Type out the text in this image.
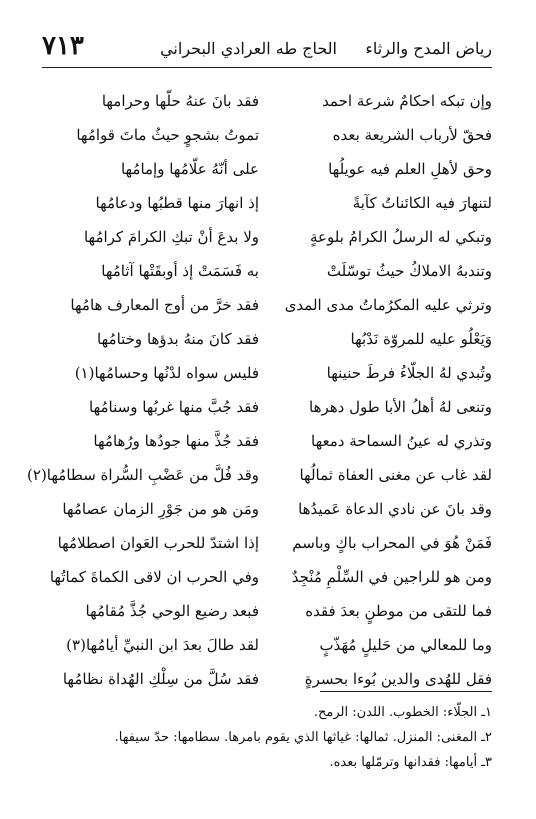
رياض المدح والرثاء
الحاج طه العرادي البحراني
٧١٣
وإن تبكه احكامٌ شرعة احمد
فقد بانَ عنهُ حلّها وحرامها
فحقّ لأرباب الشريعة بعده
تموتُ بشجوٍ حيثُ ماتَ قوامُها
وحق لأهلِ العلم فيه عويلُها
على أنّهُ علّامُها وإمامُها
لتنهارَ فيه الكائناتُ كآبةً
إذ انهارَ منها قطبُها ودعامُها
وتبكي له الرسلُ الكرامُ بلوعةٍ
ولا بدعَ أنْ تبكِ الكرامَ كرامُها
وتندبهُ الاملاكُ حيثُ توسّلَتْ
به فَسَمَتْ إذ أوبقَتْها آثامُها
وترثي عليه المكرُماتُ مدى المدى
فقد خرَّ من أوج المعارف هامُها
وَيَعْلُو عليه للمروّة نَدْبُها
فقد كانَ منهُ بدؤها وختامُها
وتُبدي لهُ الجلّاءُ فرطَ حنينها
فليس سواه لدْنُها وحسامُها(١)
وتنعى لهُ أهلُ الأبا طول دهرها
فقد جُبَّ منها غربُها وسنامُها
وتذري له عينُ السماحة دمعها
فقد جُذَّ منها جودُها ورُهامُها
لقد غاب عن مغنى العفاة ثمالُها
وقد فُلَّ من عَضْبِ السُّراة سطامُها(٢)
وقد بانَ عن نادي الدعاة عَميدُها
ومَن هو من جَوْرِ الزمان عصامُها
فَمَنْ هُوَ في المحراب باكٍ وباسم
إذا اشتدّ للحرب العَوان اصطلامُها
ومن هو للراجين في السِّلْمِ مُنْجِدٌ
وفي الحرب ان لاقى الكماةَ كماتُها
فما للتقى من موطنٍ بعدَ فقده
فبعد رضيع الوحي جُذَّ مُقامُها
وما للمعالي من حَليلٍ مُهَذّبٍ
لقد طالَ بعدَ ابن النبيِّ أيامُها(٣)
فقل للهُدى والدين بُوءا بحسرةٍ
فقد سُلَّ من سِلْكِ الهُداة نظامُها
١ـ الجلّاء: الخطوب. اللدن: الرمح.
٢ـ المغنى: المنزل. ثمالها: غياثها الذي يقوم بامرها. سطامها: حدّ سيفها.
٣ـ أيامها: فقدانها وترمّلها بعده.
